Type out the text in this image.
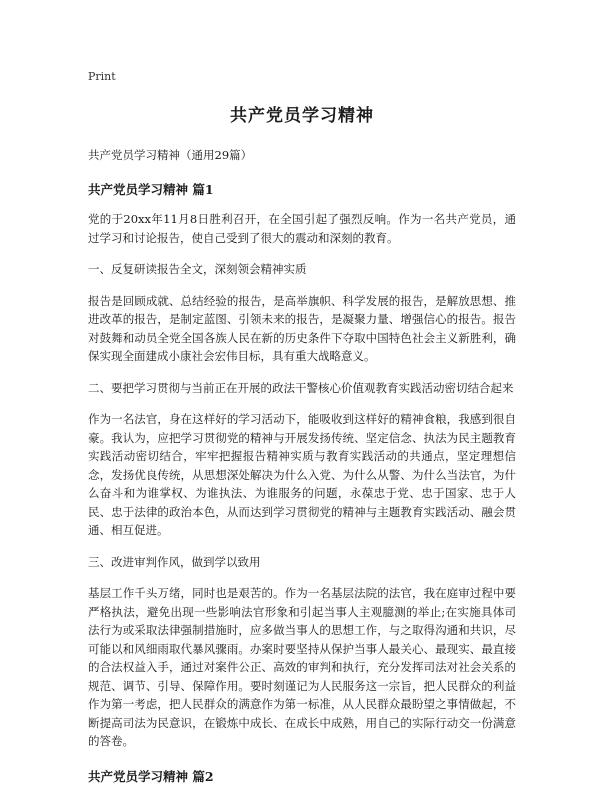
Print
共产党员学习精神
共产党员学习精神（通用29篇）
共产党员学习精神 篇1

党的于20xx年11月8日胜利召开，在全国引起了强烈反响。作为一名共产党员，通过学习和讨论报告，使自己受到了很大的震动和深刻的教育。

一、反复研读报告全文，深刻领会精神实质

报告是回顾成就、总结经验的报告，是高举旗帜、科学发展的报告，是解放思想、推进改革的报告，是制定蓝图、引领未来的报告，是凝聚力量、增强信心的报告。报告对鼓舞和动员全党全国各族人民在新的历史条件下夺取中国特色社会主义新胜利，确保实现全面建成小康社会宏伟目标，具有重大战略意义。

二、要把学习贯彻与当前正在开展的政法干警核心价值观教育实践活动密切结合起来

作为一名法官，身在这样好的学习活动下，能吸收到这样好的精神食粮，我感到很自豪。我认为，应把学习贯彻党的精神与开展发扬传统、坚定信念、执法为民主题教育实践活动密切结合，牢牢把握报告精神实质与教育实践活动的共通点，坚定理想信念，发扬优良传统，从思想深处解决为什么入党、为什么从警、为什么当法官，为什么奋斗和为谁掌权、为谁执法、为谁服务的问题，永葆忠于党、忠于国家、忠于人民、忠于法律的政治本色，从而达到学习贯彻党的精神与主题教育实践活动、融会贯通、相互促进。

三、改进审判作风，做到学以致用

基层工作千头万绪，同时也是艰苦的。作为一名基层法院的法官，我在庭审过程中要严格执法，避免出现一些影响法官形象和引起当事人主观臆测的举止;在实施具体司法行为或采取法律强制措施时，应多做当事人的思想工作，与之取得沟通和共识，尽可能以和风细雨取代暴风骤雨。办案时要坚持从保护当事人最关心、最现实、最直接的合法权益入手，通过对案件公正、高效的审判和执行，充分发挥司法对社会关系的规范、调节、引导、保障作用。要时刻谨记为人民服务这一宗旨，把人民群众的利益作为第一考虑，把人民群众的满意作为第一标准，从人民群众最盼望之事情做起，不断提高司法为民意识，在锻炼中成长、在成长中成熟，用自己的实际行动交一份满意的答卷。

共产党员学习精神 篇2
